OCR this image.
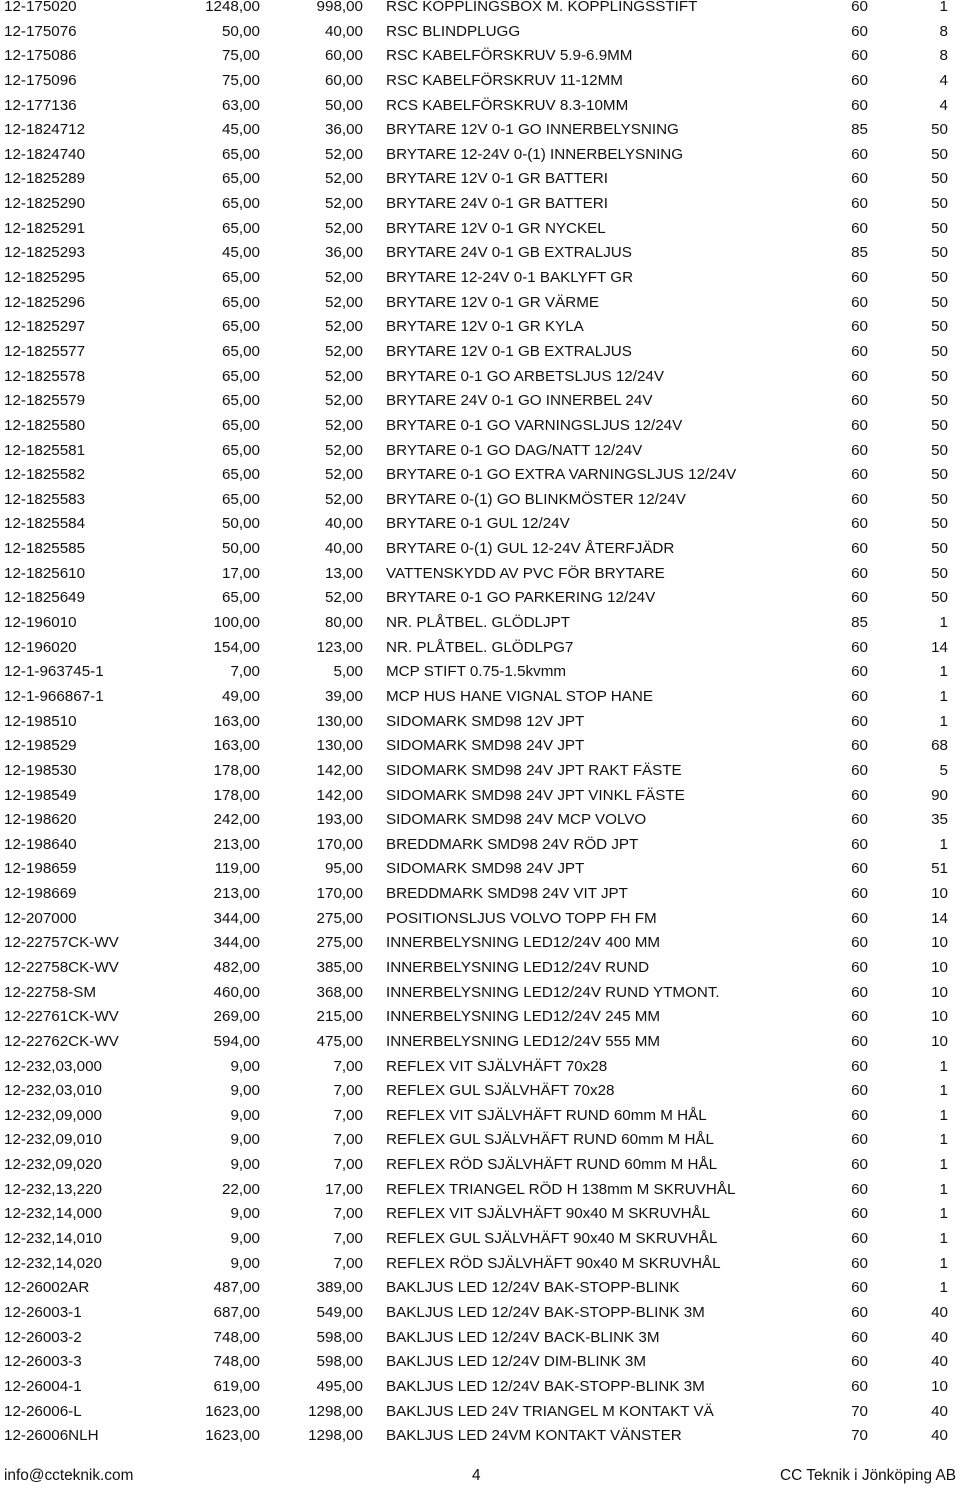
12-175020	1248,00	998,00 RSC KOPPLINGSBOX M. KOPPLINGSSTIFT	60	1
12-175076	50,00	40,00 RSC BLINDPLUGG	60	8
12-175086	75,00	60,00 RSC KABELFÖRSKRUV 5.9-6.9MM	60	8
12-175096	75,00	60,00 RSC KABELFÖRSKRUV 11-12MM	60	4
12-177136	63,00	50,00 RCS KABELFÖRSKRUV 8.3-10MM	60	4
12-1824712	45,00	36,00 BRYTARE 12V 0-1 GO INNERBELYSNING	85	50
12-1824740	65,00	52,00 BRYTARE 12-24V 0-(1) INNERBELYSNING	60	50
12-1825289	65,00	52,00 BRYTARE 12V 0-1 GR BATTERI	60	50
12-1825290	65,00	52,00 BRYTARE 24V 0-1 GR BATTERI	60	50
12-1825291	65,00	52,00 BRYTARE 12V 0-1 GR NYCKEL	60	50
12-1825293	45,00	36,00 BRYTARE 24V 0-1 GB EXTRALJUS	85	50
12-1825295	65,00	52,00 BRYTARE 12-24V 0-1 BAKLYFT GR	60	50
12-1825296	65,00	52,00 BRYTARE 12V 0-1 GR VÄRME	60	50
12-1825297	65,00	52,00 BRYTARE 12V 0-1 GR KYLA	60	50
12-1825577	65,00	52,00 BRYTARE 12V 0-1 GB EXTRALJUS	60	50
12-1825578	65,00	52,00 BRYTARE 0-1 GO ARBETSLJUS 12/24V	60	50
12-1825579	65,00	52,00 BRYTARE 24V 0-1 GO INNERBEL 24V	60	50
12-1825580	65,00	52,00 BRYTARE 0-1 GO VARNINGSLJUS 12/24V	60	50
12-1825581	65,00	52,00 BRYTARE 0-1 GO DAG/NATT 12/24V	60	50
12-1825582	65,00	52,00 BRYTARE 0-1 GO EXTRA VARNINGSLJUS 12/24V	60	50
12-1825583	65,00	52,00 BRYTARE 0-(1) GO BLINKMÖSTER 12/24V	60	50
12-1825584	50,00	40,00 BRYTARE 0-1 GUL 12/24V	60	50
12-1825585	50,00	40,00 BRYTARE 0-(1) GUL 12-24V ÅTERFJÄDR	60	50
12-1825610	17,00	13,00 VATTENSKYDD AV PVC FÖR BRYTARE	60	50
12-1825649	65,00	52,00 BRYTARE 0-1 GO PARKERING 12/24V	60	50
12-196010	100,00	80,00 NR. PLÅTBEL. GLÖDLJPT	85	1
12-196020	154,00	123,00 NR. PLÅTBEL. GLÖDLPG7	60	14
12-1-963745-1	7,00	5,00 MCP STIFT 0.75-1.5kvmm	60	1
12-1-966867-1	49,00	39,00 MCP HUS HANE VIGNAL STOP HANE	60	1
12-198510	163,00	130,00 SIDOMARK SMD98 12V JPT	60	1
12-198529	163,00	130,00 SIDOMARK SMD98 24V JPT	60	68
12-198530	178,00	142,00 SIDOMARK SMD98 24V JPT RAKT FÄSTE	60	5
12-198549	178,00	142,00 SIDOMARK SMD98 24V JPT VINKL FÄSTE	60	90
12-198620	242,00	193,00 SIDOMARK SMD98 24V MCP VOLVO	60	35
12-198640	213,00	170,00 BREDDMARK SMD98 24V RÖD JPT	60	1
12-198659	119,00	95,00 SIDOMARK SMD98 24V JPT	60	51
12-198669	213,00	170,00 BREDDMARK SMD98 24V VIT JPT	60	10
12-207000	344,00	275,00 POSITIONSLJUS VOLVO TOPP FH FM	60	14
12-22757CK-WV	344,00	275,00 INNERBELYSNING LED12/24V 400 MM	60	10
12-22758CK-WV	482,00	385,00 INNERBELYSNING LED12/24V RUND	60	10
12-22758-SM	460,00	368,00 INNERBELYSNING LED12/24V RUND YTMONT.	60	10
12-22761CK-WV	269,00	215,00 INNERBELYSNING LED12/24V 245 MM	60	10
12-22762CK-WV	594,00	475,00 INNERBELYSNING LED12/24V 555 MM	60	10
12-232,03,000	9,00	7,00 REFLEX VIT SJÄLVHÄFT 70x28	60	1
12-232,03,010	9,00	7,00 REFLEX GUL SJÄLVHÄFT 70x28	60	1
12-232,09,000	9,00	7,00 REFLEX VIT SJÄLVHÄFT RUND 60mm M HÅL	60	1
12-232,09,010	9,00	7,00 REFLEX GUL SJÄLVHÄFT RUND 60mm M HÅL	60	1
12-232,09,020	9,00	7,00 REFLEX RÖD SJÄLVHÄFT RUND 60mm M HÅL	60	1
12-232,13,220	22,00	17,00 REFLEX TRIANGEL RÖD H 138mm M SKRUVHÅL	60	1
12-232,14,000	9,00	7,00 REFLEX VIT SJÄLVHÄFT 90x40 M SKRUVHÅL	60	1
12-232,14,010	9,00	7,00 REFLEX GUL SJÄLVHÄFT 90x40 M SKRUVHÅL	60	1
12-232,14,020	9,00	7,00 REFLEX RÖD SJÄLVHÄFT 90x40 M SKRUVHÅL	60	1
12-26002AR	487,00	389,00 BAKLJUS LED 12/24V BAK-STOPP-BLINK	60	1
12-26003-1	687,00	549,00 BAKLJUS LED 12/24V BAK-STOPP-BLINK 3M	60	40
12-26003-2	748,00	598,00 BAKLJUS LED 12/24V BACK-BLINK 3M	60	40
12-26003-3	748,00	598,00 BAKLJUS LED 12/24V DIM-BLINK 3M	60	40
12-26004-1	619,00	495,00 BAKLJUS LED 12/24V BAK-STOPP-BLINK 3M	60	10
12-26006-L	1623,00	1298,00 BAKLJUS LED 24V TRIANGEL M KONTAKT VÄ	70	40
12-26006NLH	1623,00	1298,00 BAKLJUS LED 24VM KONTAKT VÄNSTER	70	40
info@ccteknik.com	4	CC Teknik i Jönköping AB
